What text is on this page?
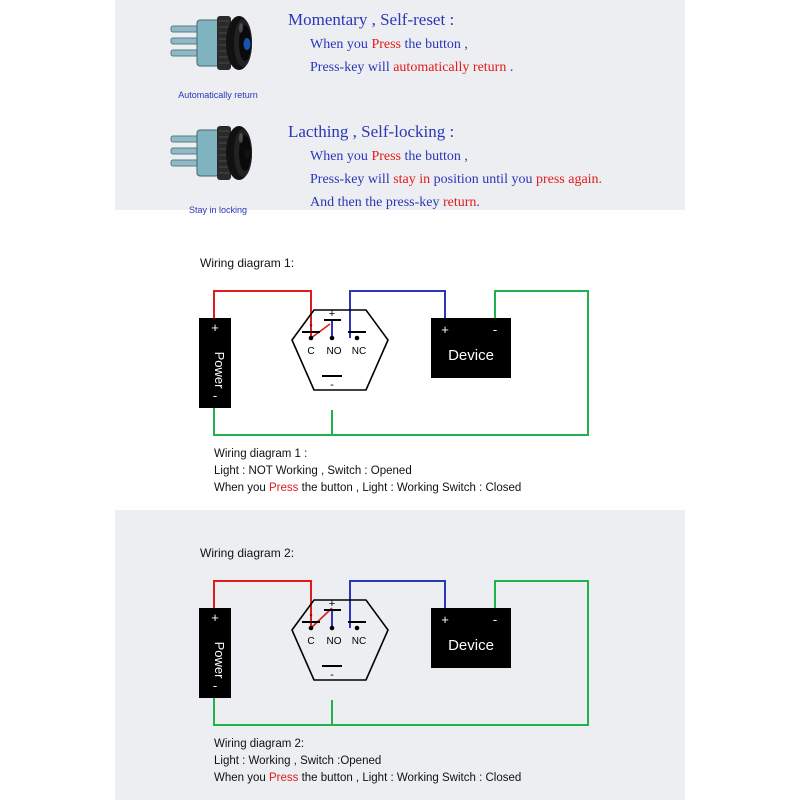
Automatically return
Stay in locking
Momentary , Self-reset :
When you Press the button ,
Press-key will automatically return .
Lacthing , Self-locking :
When you Press the button ,
Press-key will stay in position until you press again.
And then the press-key return.
Wiring diagram 1:
+
Power
-
-
+
-
C NO NC
+	-
Device
Wiring diagram 1 :
Light : NOT Working , Switch : Opened
When you Press the button , Light : Working Switch : Closed
Wiring diagram 2:
+
Power
-
-
+
-
C NO NC
+	-
Device
Wiring diagram 2:
Light : Working , Switch :Opened
When you Press the button , Light : Working Switch : Closed
